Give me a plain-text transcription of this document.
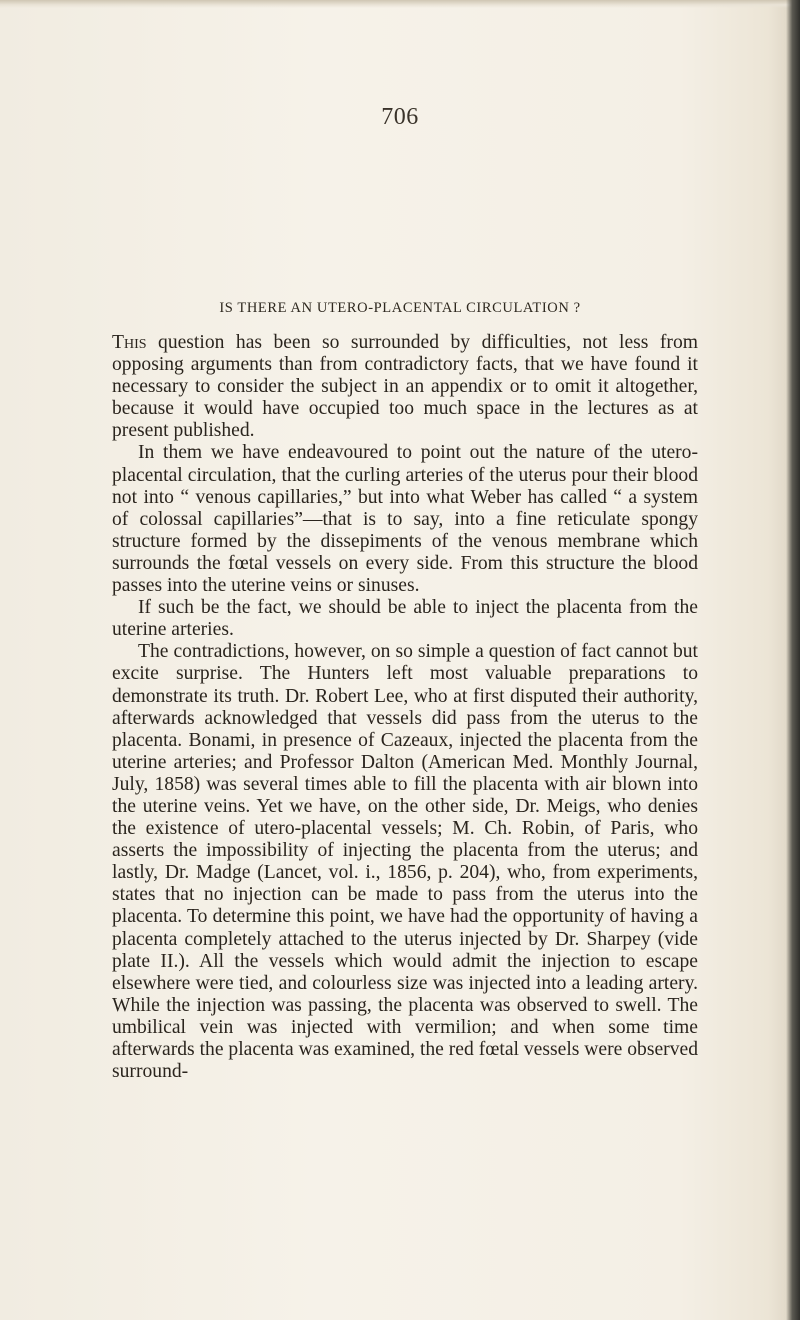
706
IS THERE AN UTERO-PLACENTAL CIRCULATION ?

This question has been so surrounded by difficulties, not less from opposing arguments than from contradictory facts, that we have found it necessary to consider the subject in an appendix or to omit it altogether, because it would have occupied too much space in the lectures as at present published.

In them we have endeavoured to point out the nature of the utero-placental circulation, that the curling arteries of the uterus pour their blood not into “ venous capillaries,” but into what Weber has called “ a system of colossal capillaries”—that is to say, into a fine reticulate spongy structure formed by the dissepiments of the venous membrane which surrounds the fœtal vessels on every side. From this structure the blood passes into the uterine veins or sinuses.

If such be the fact, we should be able to inject the placenta from the uterine arteries.

The contradictions, however, on so simple a question of fact cannot but excite surprise. The Hunters left most valuable preparations to demonstrate its truth. Dr. Robert Lee, who at first disputed their authority, afterwards acknowledged that vessels did pass from the uterus to the placenta. Bonami, in presence of Cazeaux, injected the placenta from the uterine arteries; and Professor Dalton (American Med. Monthly Journal, July, 1858) was several times able to fill the placenta with air blown into the uterine veins. Yet we have, on the other side, Dr. Meigs, who denies the existence of utero-placental vessels; M. Ch. Robin, of Paris, who asserts the impossibility of injecting the placenta from the uterus; and lastly, Dr. Madge (Lancet, vol. i., 1856, p. 204), who, from experiments, states that no injection can be made to pass from the uterus into the placenta. To determine this point, we have had the opportunity of having a placenta completely attached to the uterus injected by Dr. Sharpey (vide plate II.). All the vessels which would admit the injection to escape elsewhere were tied, and colourless size was injected into a leading artery. While the injection was passing, the placenta was observed to swell. The umbilical vein was injected with vermilion; and when some time afterwards the placenta was examined, the red fœtal vessels were observed surround-
